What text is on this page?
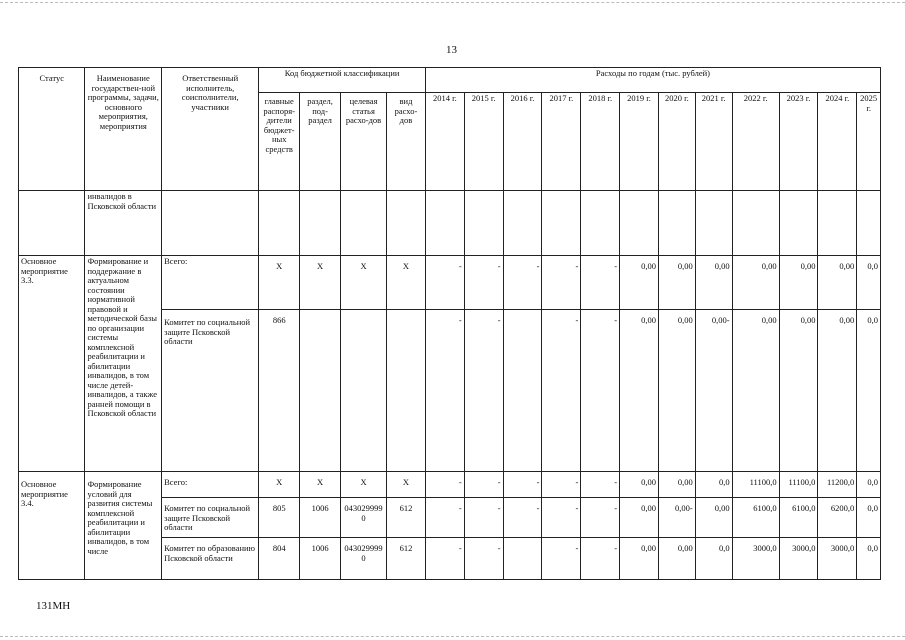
13
Статус	Наименование государствен-ной программы, задачи, основного мероприятия, мероприятия	Ответственный исполнитель, соисполнители, участники	Код бюджетной классификации				Расходы по годам (тыс. рублей)											
			главные распоря-дители бюджет-ных средств	раздел, под-раздел	целевая статья расхо-дов	вид расхо-дов	2014 г.	2015 г.	2016 г.	2017 г.	2018 г.	2019 г.	2020 г.	2021 г.	2022 г.	2023 г.	2024 г.	2025 г.
	инвалидов в Псковской области																	
Основное мероприятие 3.3.	Формирование и поддержание в актуальном состоянии нормативной правовой и методической базы по организации системы комплексной реабилитации и абилитации инвалидов, в том числе детей-инвалидов, а также ранней помощи в Псковской области	Всего:	Х	Х	Х	Х	-	-	-	-	-	0,00	0,00	0,00	0,00	0,00	0,00	0,0
		Комитет по социальной защите Псковской области	866				-	-		-	-	0,00	0,00	0,00-	0,00	0,00	0,00	0,0
Основное мероприятие 3.4.	Формирование условий для развития системы комплексной реабилитации и абилитации инвалидов, в том числе	Всего:	Х	Х	Х	Х	-	-	-	-	-	0,00	0,00	0,0	11100,0	11100,0	11200,0	0,0
		Комитет по социальной защите Псковской области	805	1006	0430299990	612	-	-	-	-	-	0,00	0,00-	0,00	6100,0	6100,0	6200,0	0,0
		Комитет по образованию Псковской области	804	1006	0430299990	612	-	-		-	-	0,00	0,00	0,0	3000,0	3000,0	3000,0	0,0
131МН
